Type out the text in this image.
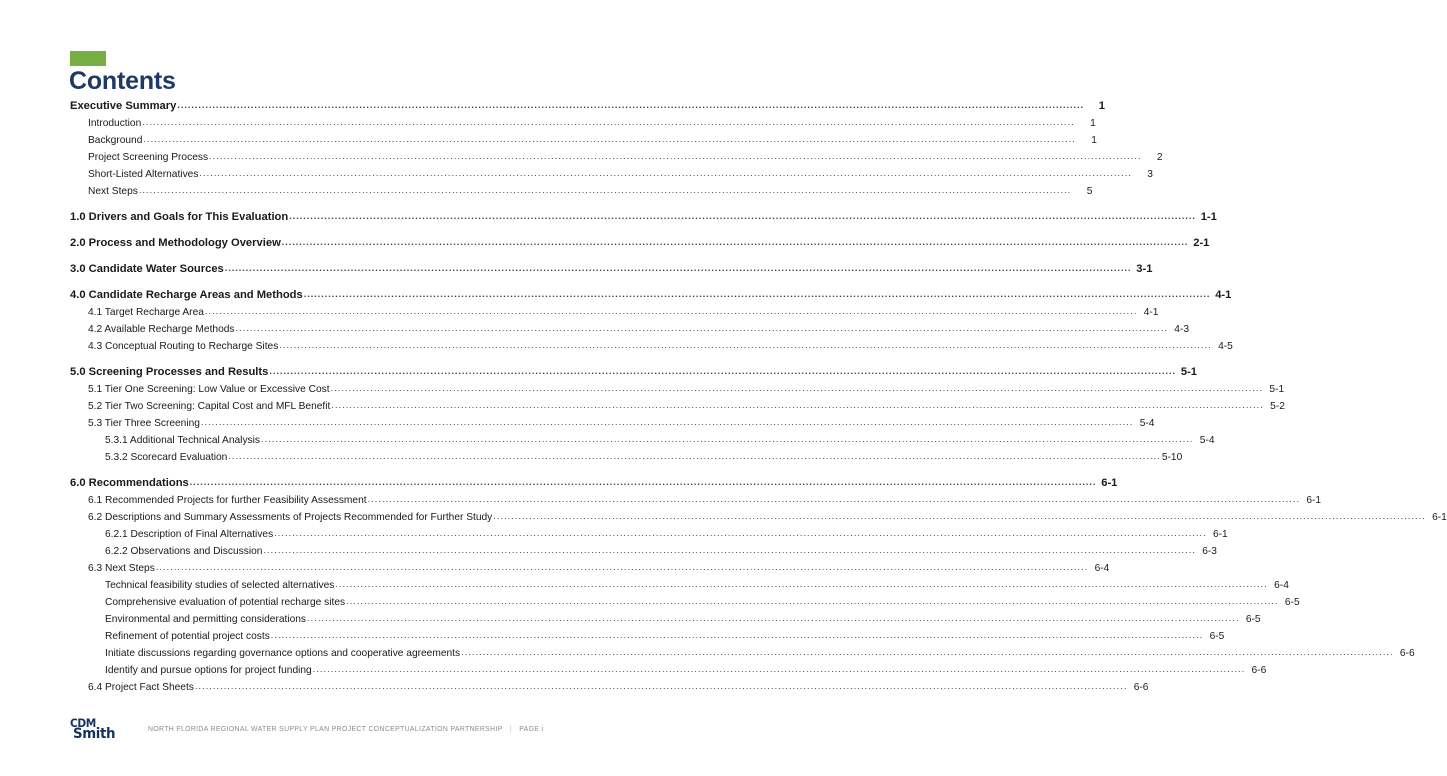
Contents
Executive Summary ...................................................................................................................................................................................................................................................................	1
Introduction ...................................................................................................................................................................................................................................................................	1
Background ...................................................................................................................................................................................................................................................................	1
Project Screening Process ...................................................................................................................................................................................................................................................................	2
Short-Listed Alternatives ...................................................................................................................................................................................................................................................................	3
Next Steps ...................................................................................................................................................................................................................................................................	5
1.0 Drivers and Goals for This Evaluation ................................................................................................................................................................................................................................................................... 1-1
2.0 Process and Methodology Overview ................................................................................................................................................................................................................................................................... 2-1
3.0 Candidate Water Sources ................................................................................................................................................................................................................................................................... 3-1
4.0 Candidate Recharge Areas and Methods ................................................................................................................................................................................................................................................................... 4-1
4.1 Target Recharge Area ................................................................................................................................................................................................................................................................... 4-1
4.2 Available Recharge Methods ................................................................................................................................................................................................................................................................... 4-3
4.3 Conceptual Routing to Recharge Sites ................................................................................................................................................................................................................................................................... 4-5
5.0 Screening Processes and Results ................................................................................................................................................................................................................................................................... 5-1
5.1 Tier One Screening: Low Value or Excessive Cost ................................................................................................................................................................................................................................................................... 5-1
5.2 Tier Two Screening: Capital Cost and MFL Benefit ................................................................................................................................................................................................................................................................... 5-2
5.3 Tier Three Screening ................................................................................................................................................................................................................................................................... 5-4
5.3.1 Additional Technical Analysis ................................................................................................................................................................................................................................................................... 5-4
5.3.2 Scorecard Evaluation ................................................................................................................................................................................................................................................................... 5-10
6.0 Recommendations ................................................................................................................................................................................................................................................................... 6-1
6.1 Recommended Projects for further Feasibility Assessment ................................................................................................................................................................................................................................................................... 6-1
6.2 Descriptions and Summary Assessments of Projects Recommended for Further Study ................................................................................................................................................................................................................................................................... 6-1
6.2.1 Description of Final Alternatives ................................................................................................................................................................................................................................................................... 6-1
6.2.2 Observations and Discussion ................................................................................................................................................................................................................................................................... 6-3
6.3 Next Steps ................................................................................................................................................................................................................................................................... 6-4
Technical feasibility studies of selected alternatives ................................................................................................................................................................................................................................................................... 6-4
Comprehensive evaluation of potential recharge sites ................................................................................................................................................................................................................................................................... 6-5
Environmental and permitting considerations ................................................................................................................................................................................................................................................................... 6-5
Refinement of potential project costs ................................................................................................................................................................................................................................................................... 6-5
Initiate discussions regarding governance options and cooperative agreements ................................................................................................................................................................................................................................................................... 6-6
Identify and pursue options for project funding ................................................................................................................................................................................................................................................................... 6-6
6.4 Project Fact Sheets ................................................................................................................................................................................................................................................................... 6-6
CDM
Smith	NORTH FLORIDA REGIONAL WATER SUPPLY PLAN PROJECT CONCEPTUALIZATION PARTNERSHIP | PAGE i
